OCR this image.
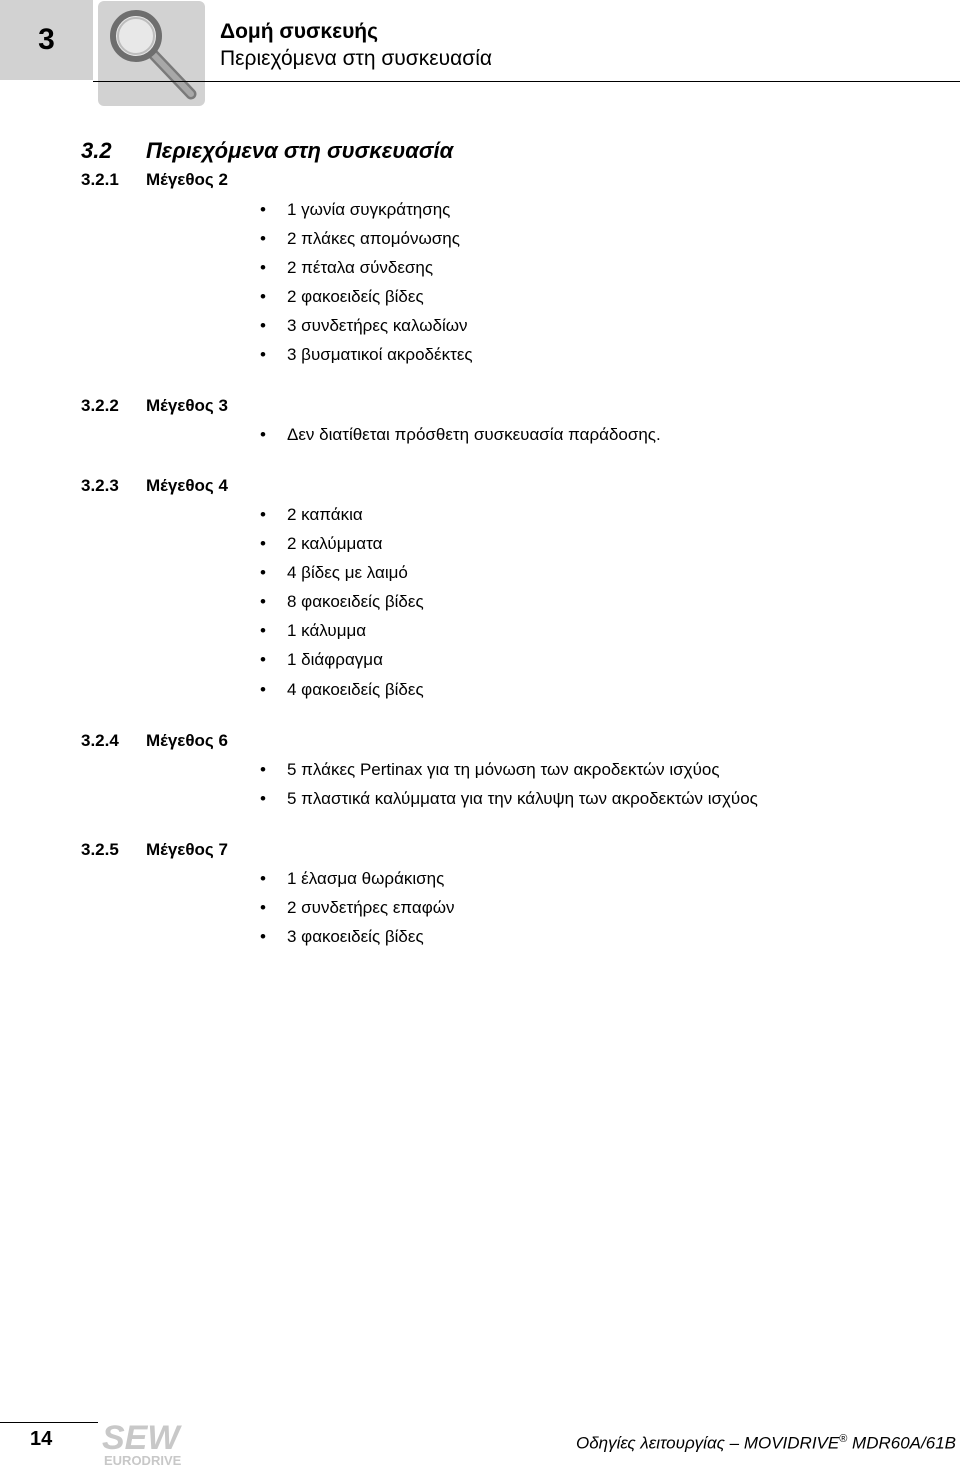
3	Δομή συσκευής
Περιεχόμενα στη συσκευασία
3.2 Περιεχόμενα στη συσκευασία
3.2.1 Μέγεθος 2
• 1 γωνία συγκράτησης
• 2 πλάκες απομόνωσης
• 2 πέταλα σύνδεσης
• 2 φακοειδείς βίδες
• 3 συνδετήρες καλωδίων
• 3 βυσματικοί ακροδέκτες
3.2.2 Μέγεθος 3
• Δεν διατίθεται πρόσθετη συσκευασία παράδοσης.
3.2.3 Μέγεθος 4
• 2 καπάκια
• 2 καλύμματα
• 4 βίδες με λαιμό
• 8 φακοειδείς βίδες
• 1 κάλυμμα
• 1 διάφραγμα
• 4 φακοειδείς βίδες
3.2.4 Μέγεθος 6
• 5 πλάκες Pertinax για τη μόνωση των ακροδεκτών ισχύος
• 5 πλαστικά καλύμματα για την κάλυψη των ακροδεκτών ισχύος
3.2.5 Μέγεθος 7
• 1 έλασμα θωράκισης
• 2 συνδετήρες επαφών
• 3 φακοειδείς βίδες
14 SEW
EURODRIVE
Οδηγίες λειτουργίας – MOVIDRIVE® MDR60A/61B
